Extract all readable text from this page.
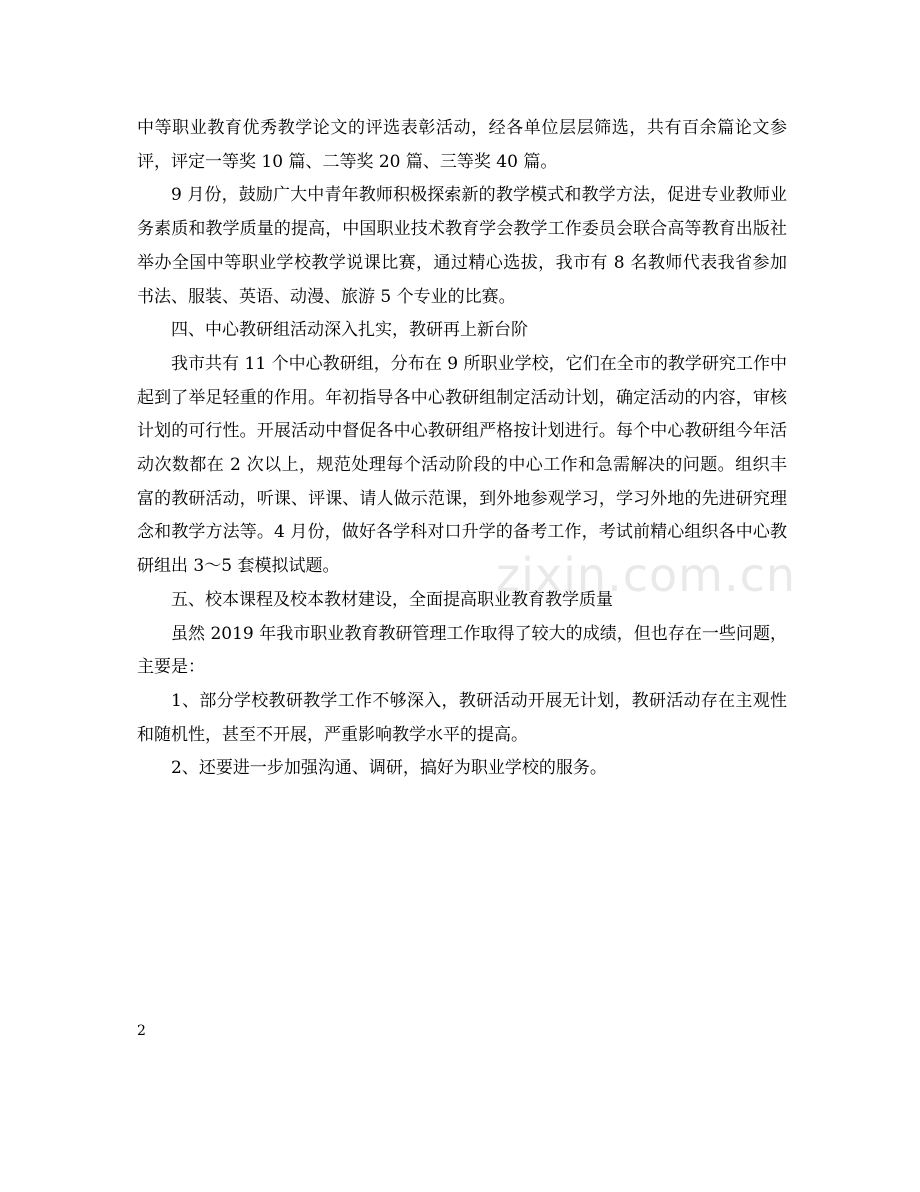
中等职业教育优秀教学论文的评选表彰活动，经各单位层层筛选，共有百余篇论文参评，评定一等奖 10 篇、二等奖 20 篇、三等奖 40 篇。

9 月份，鼓励广大中青年教师积极探索新的教学模式和教学方法，促进专业教师业务素质和教学质量的提高，中国职业技术教育学会教学工作委员会联合高等教育出版社举办全国中等职业学校教学说课比赛，通过精心选拔，我市有 8 名教师代表我省参加书法、服装、英语、动漫、旅游 5 个专业的比赛。

四、中心教研组活动深入扎实，教研再上新台阶

我市共有 11 个中心教研组，分布在 9 所职业学校，它们在全市的教学研究工作中起到了举足轻重的作用。年初指导各中心教研组制定活动计划，确定活动的内容，审核计划的可行性。开展活动中督促各中心教研组严格按计划进行。每个中心教研组今年活动次数都在 2 次以上，规范处理每个活动阶段的中心工作和急需解决的问题。组织丰富的教研活动，听课、评课、请人做示范课，到外地参观学习，学习外地的先进研究理念和教学方法等。4 月份，做好各学科对口升学的备考工作，考试前精心组织各中心教研组出 3～5 套模拟试题。

五、校本课程及校本教材建设，全面提高职业教育教学质量

虽然 2019 年我市职业教育教研管理工作取得了较大的成绩，但也存在一些问题，主要是：

1、部分学校教研教学工作不够深入，教研活动开展无计划，教研活动存在主观性和随机性，甚至不开展，严重影响教学水平的提高。

2、还要进一步加强沟通、调研，搞好为职业学校的服务。

zixin.com.cn
2
